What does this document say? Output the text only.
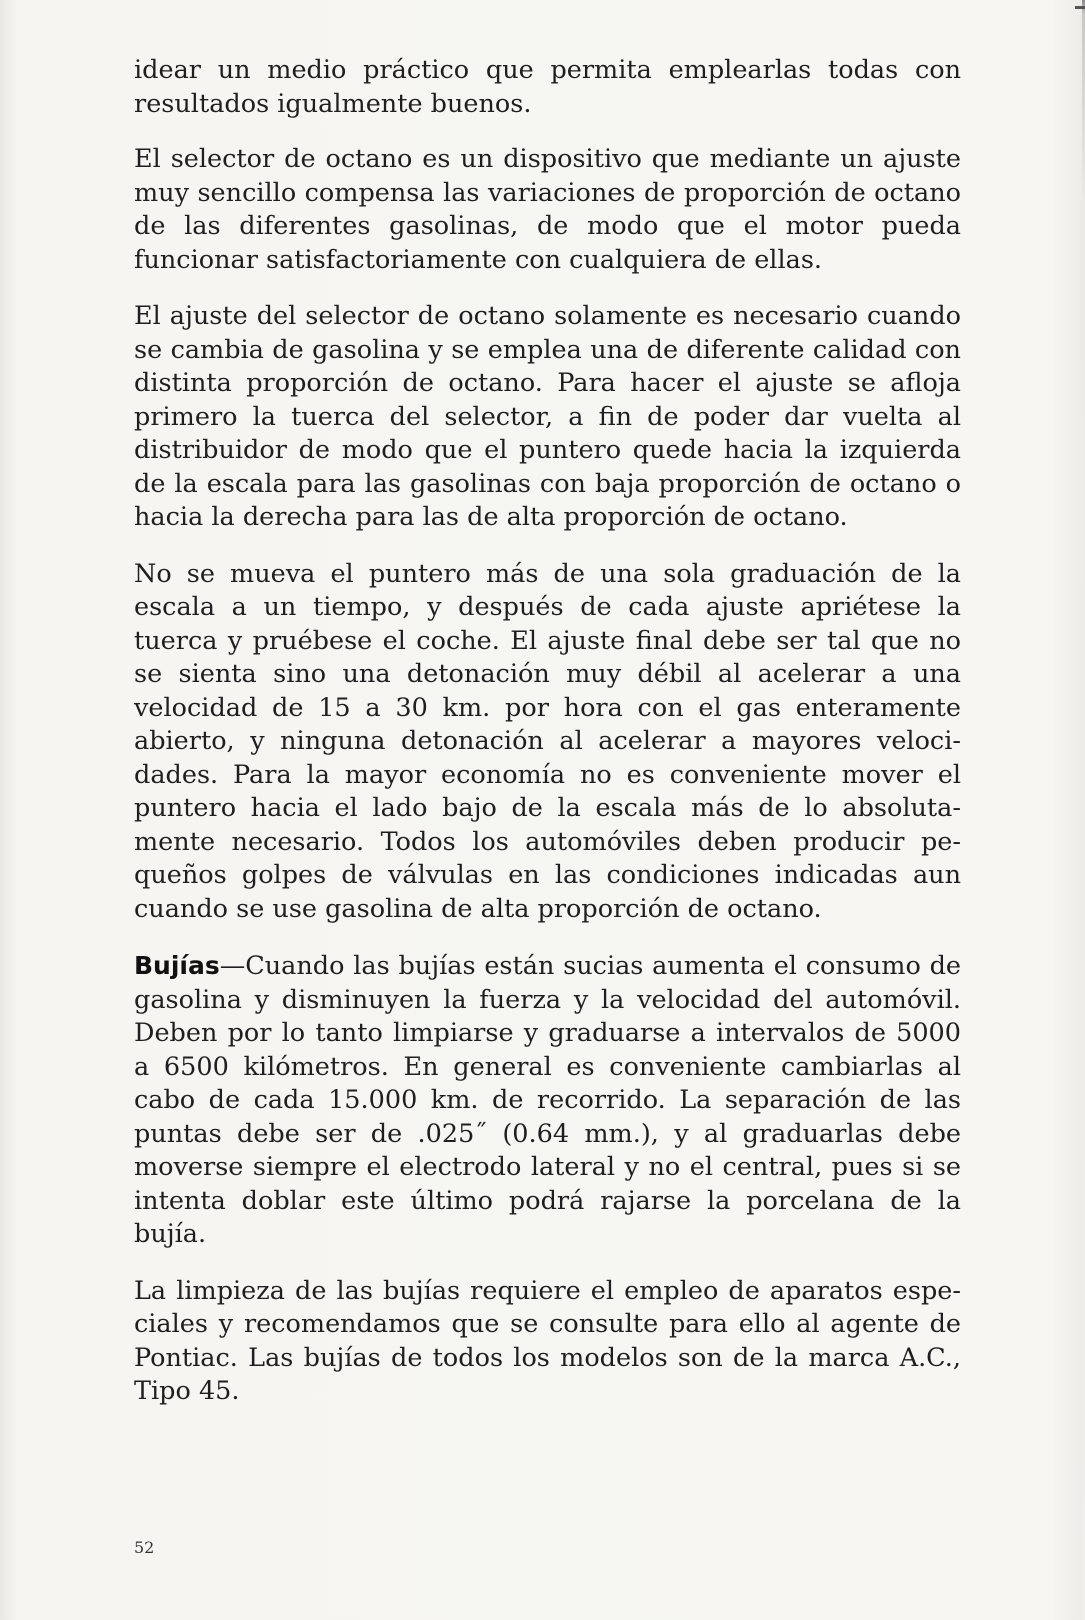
idear un medio práctico que permita emplearlas todas con resultados igualmente buenos.

El selector de octano es un dispositivo que mediante un ajuste muy sencillo compensa las variaciones de proporción de octano de las diferentes gasolinas, de modo que el motor pueda funcionar satisfactoriamente con cualquiera de ellas.

El ajuste del selector de octano solamente es necesario cuando se cambia de gasolina y se emplea una de diferente calidad con distinta proporción de octano. Para hacer el ajuste se afloja primero la tuerca del selector, a fin de poder dar vuelta al distribuidor de modo que el puntero quede hacia la izquierda de la escala para las gasolinas con baja proporción de octano o hacia la derecha para las de alta proporción de octano.

No se mueva el puntero más de una sola graduación de la escala a un tiempo, y después de cada ajuste apriétese la tuerca y pruébese el coche. El ajuste final debe ser tal que no se sienta sino una detonación muy débil al acelerar a una velocidad de 15 a 30 km. por hora con el gas enteramente abierto, y ninguna detonación al acelerar a mayores velocidades. Para la mayor economía no es conveniente mover el puntero hacia el lado bajo de la escala más de lo absolutamente necesario. Todos los automóviles deben producir pequeños golpes de válvulas en las condiciones indicadas aun cuando se use gasolina de alta proporción de octano.

Bujías—Cuando las bujías están sucias aumenta el consumo de gasolina y disminuyen la fuerza y la velocidad del automóvil. Deben por lo tanto limpiarse y graduarse a intervalos de 5000 a 6500 kilómetros. En general es conveniente cambiarlas al cabo de cada 15.000 km. de recorrido. La separación de las puntas debe ser de .025˝ (0.64 mm.), y al graduarlas debe moverse siempre el electrodo lateral y no el central, pues si se intenta doblar este último podrá rajarse la porcelana de la bujía.

La limpieza de las bujías requiere el empleo de aparatos especiales y recomendamos que se consulte para ello al agente de Pontiac. Las bujías de todos los modelos son de la marca A.C., Tipo 45.

52
